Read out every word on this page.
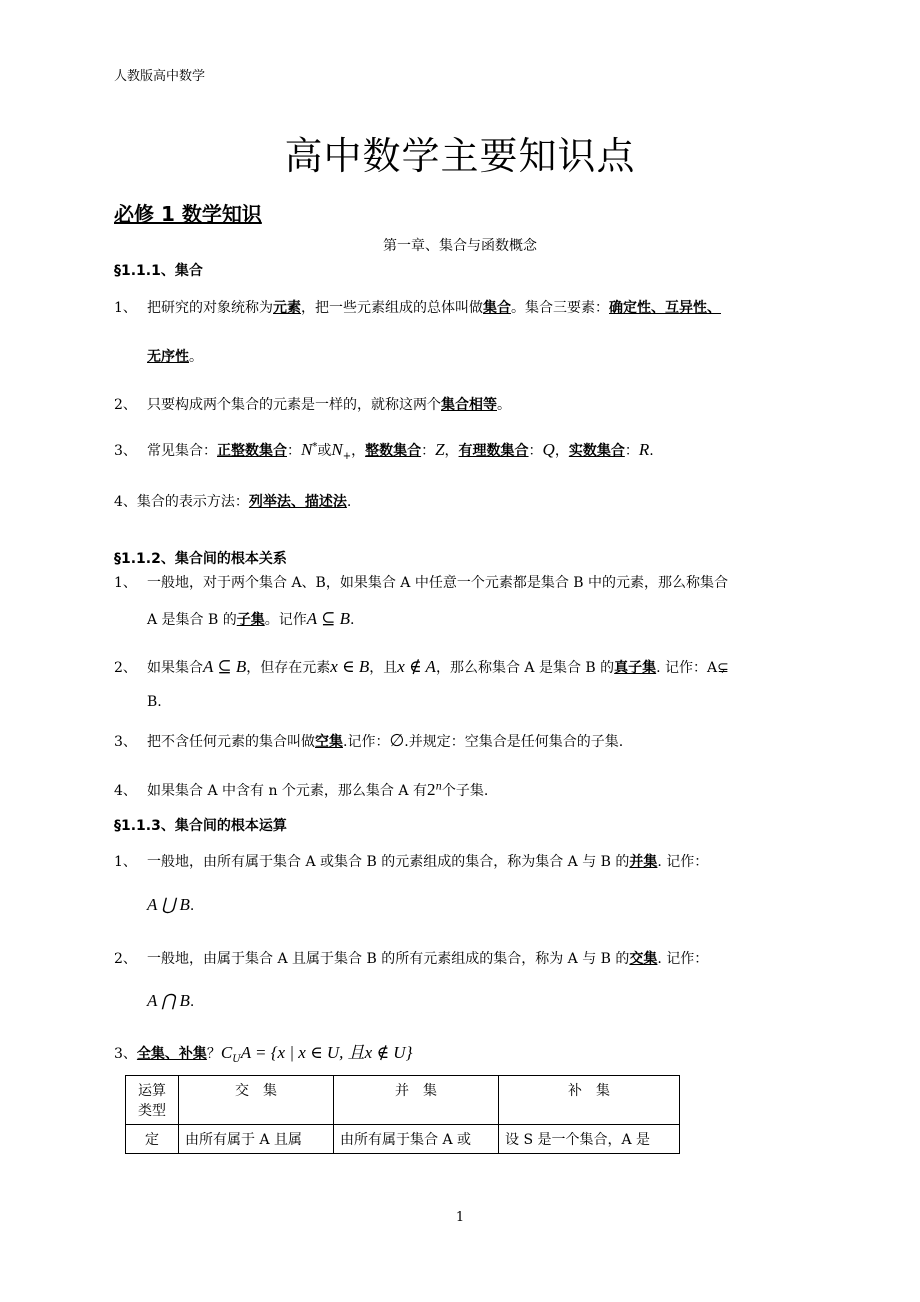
人教版高中数学
高中数学主要知识点
必修 1 数学知识
第一章、集合与函数概念
§1.1.1、集合
1、 把研究的对象统称为元素，把一些元素组成的总体叫做集合。集合三要素：确定性、互异性、
无序性。
2、 只要构成两个集合的元素是一样的，就称这两个集合相等。
3、 常见集合：正整数集合：N*或$N_+$，整数集合：Z，有理数集合：Q，实数集合：R.
4、集合的表示方法：列举法、描述法.
§1.1.2、集合间的根本关系
1、 一般地，对于两个集合 A、B，如果集合 A 中任意一个元素都是集合 B 中的元素，那么称集合
A 是集合 B 的子集。记作A ⊆ B.
2、 如果集合A ⊆ B，但存在元素x ∈ B，且x ∉ A，那么称集合 A 是集合 B 的真子集. 记作：A⊊
B.
3、 把不含任何元素的集合叫做空集.记作：∅.并规定：空集合是任何集合的子集.
4、 如果集合 A 中含有 n 个元素，那么集合 A 有2$^n$个子集.
§1.1.3、集合间的根本运算
1、 一般地，由所有属于集合 A 或集合 B 的元素组成的集合，称为集合 A 与 B 的并集. 记作：
A ⋃ B.
2、 一般地，由属于集合 A 且属于集合 B 的所有元素组成的集合，称为 A 与 B 的交集. 记作：
A ⋂ B.
3、全集、补集？$C_UA = \{x$ | x ∈ U, 且x ∉ U}
运算
类型	交　集	并　集	补　集
定	由所有属于 A 且属	由所有属于集合 A 或	设 S 是一个集合，A 是
1
